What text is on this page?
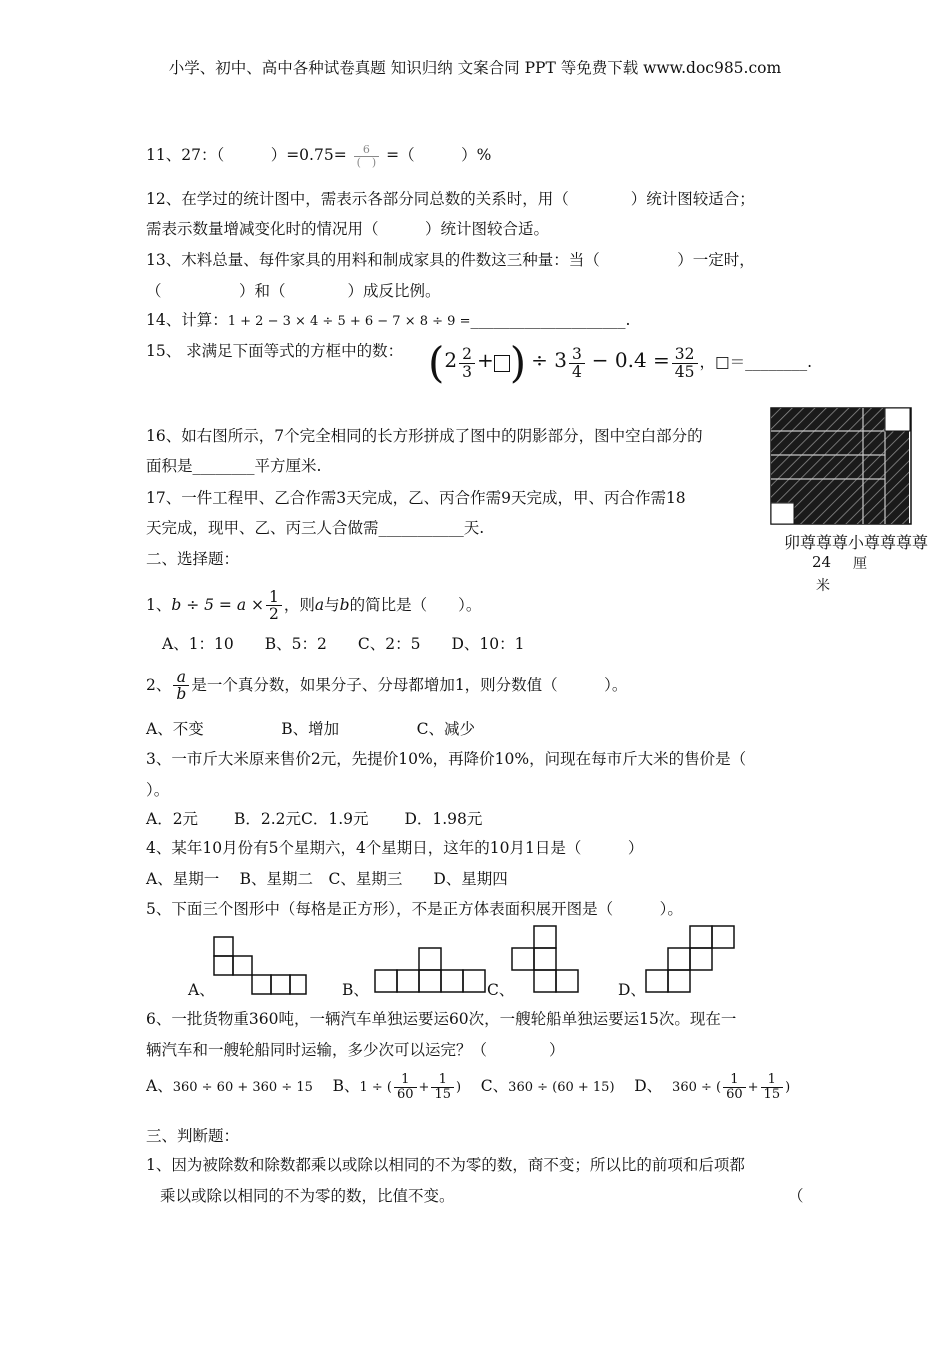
小学、初中、高中各种试卷真题 知识归纳 文案合同 PPT 等免费下载 www.doc985.com
11、27：（　　　）$=0.75= \frac{6}{( )}$ =（　　　）%
12、在学过的统计图中，需表示各部分同总数的关系时，用（　　　　）统计图较适合；
需表示数量增减变化时的情况用（　　　）统计图较合适。
13、木料总量、每件家具的用料和制成家具的件数这三种量：当（　　　　　）一定时，
（　　　　　）和（　　　　）成反比例。
14、计算：1 + 2 − 3 × 4 ÷ 5 + 6 − 7 × 8 ÷ 9 =____________________.
15、 求满足下面等式的方框中的数： ($2 \frac{2}{3}$ + ) ÷ $3 \frac{3}{4} - 0.4 = \frac{32}{45}$ ，□＝________.
16、如右图所示，7个完全相同的长方形拼成了图中的阴影部分，图中空白部分的
面积是________平方厘米.
17、一件工程甲、乙合作需3天完成，乙、丙合作需9天完成，甲、丙合作需18
天完成，现甲、乙、丙三人合做需___________天.
卯尊尊尊小尊尊尊尊
24 厘
米
二、选择题：
1、$b \div 5 = a \times \frac{1}{2}$ ，则a与b的简比是（　　）。
A、1：10　　B、5：2　　C、2：5　　D、10：1
2、 $\frac{a}{b}$ 是一个真分数，如果分子、分母都增加1，则分数值（　　　）。
A、不变　　　　　B、增加　　　　　C、减少
3、一市斤大米原来售价2元，先提价10%，再降价10%，问现在每市斤大米的售价是（
）。
A．2元　　 B．2.2元C．1.9元　　 D．1.98元
4、某年10月份有5个星期六，4个星期日，这年的10月1日是（　　　）
A、星期一　 B、星期二　C、星期三　　D、星期四
5、下面三个图形中（每格是正方形），不是正方体表面积展开图是（　　　）。
A、	B、	C、	D、
6、一批货物重360吨，一辆汽车单独运要运60次，一艘轮船单独运要运15次。现在一
辆汽车和一艘轮船同时运输，多少次可以运完？（　　　　）
A、360 ÷ 60 + 360 ÷ 15 B、1 ÷ ( $\frac{1}{60} + \frac{1}{15}$ ) C、360 ÷ (60 + 15) D、 360 ÷ ( $\frac{1}{60} + \frac{1}{15}$ )
三、判断题：
1、因为被除数和除数都乘以或除以相同的不为零的数，商不变；所以比的前项和后项都
乘以或除以相同的不为零的数，比值不变。	（
